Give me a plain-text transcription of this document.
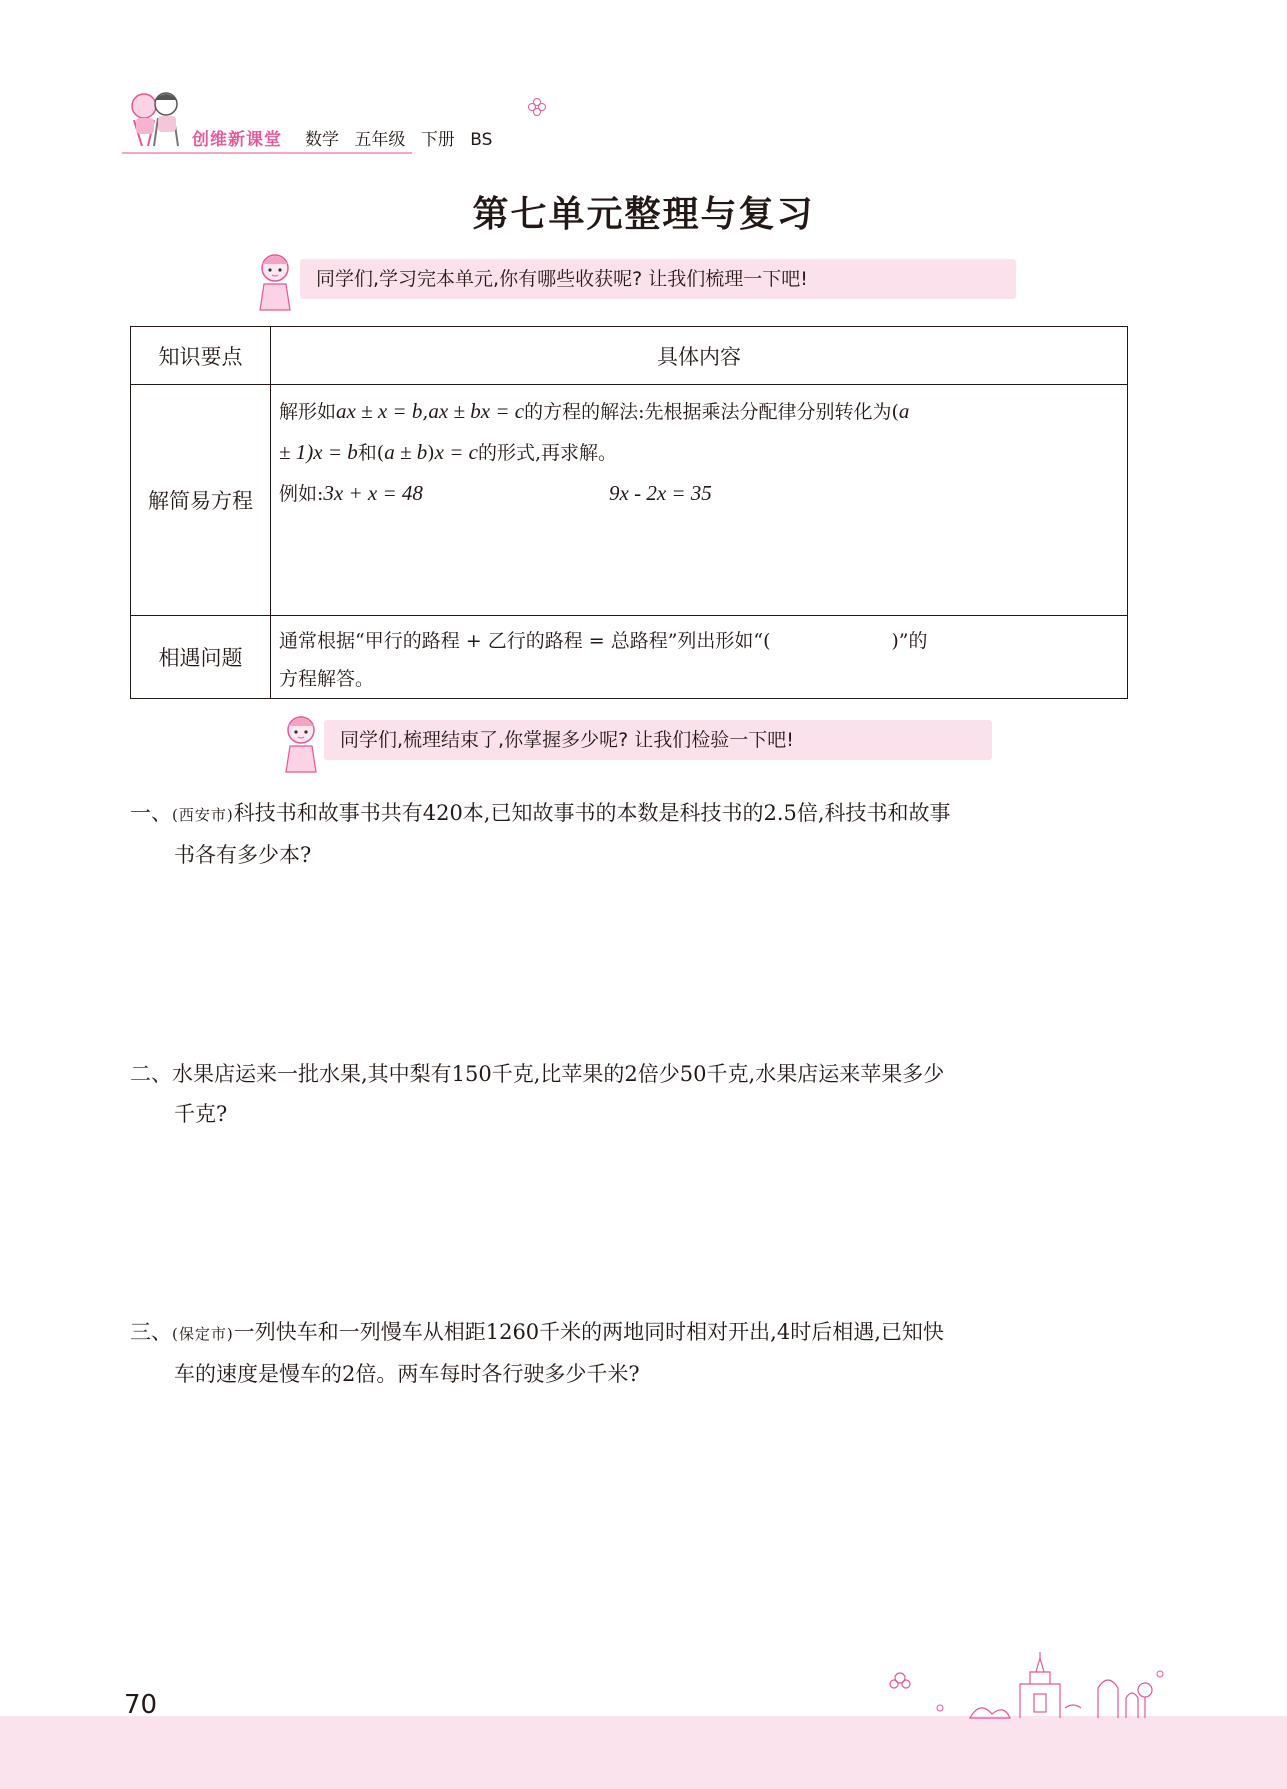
创维新课堂 数学 五年级 下册 BS
第七单元整理与复习
同学们,学习完本单元,你有哪些收获呢? 让我们梳理一下吧!
知识要点	具体内容
解简易方程	解形如ax ± x = b,ax ± bx = c的方程的解法:先根据乘法分配律分别转化为(a
± 1)x = b和(a ± b)x = c的形式,再求解。
例如:3x + x = 48 9x - 2x = 35

相遇问题	通常根据“甲行的路程 + 乙行的路程 = 总路程”列出形如“(                    )”的
方程解答。
同学们,梳理结束了,你掌握多少呢? 让我们检验一下吧!
一、(西安市)科技书和故事书共有420本,已知故事书的本数是科技书的2.5倍,科技书和故事
书各有多少本?
二、水果店运来一批水果,其中梨有150千克,比苹果的2倍少50千克,水果店运来苹果多少
千克?
三、(保定市)一列快车和一列慢车从相距1260千米的两地同时相对开出,4时后相遇,已知快
车的速度是慢车的2倍。两车每时各行驶多少千米?
70
